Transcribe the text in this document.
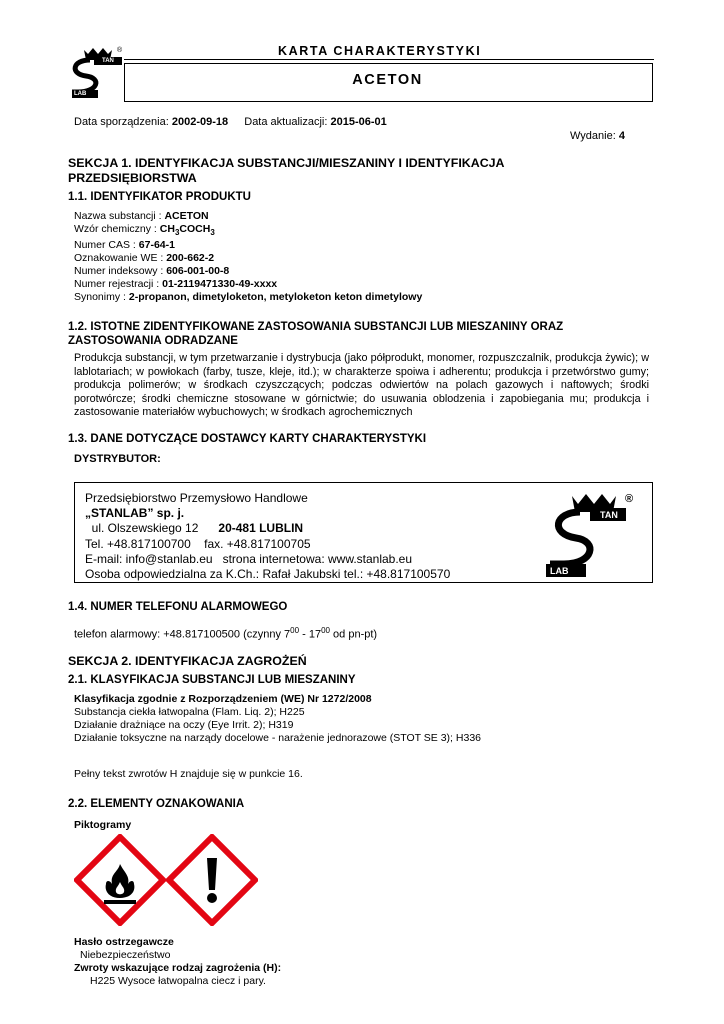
TAN
LAB
®	KARTA CHARAKTERYSTYKI
ACETON
Data sporządzenia: 2002-09-18 Data aktualizacji: 2015-06-01
Wydanie: 4
SEKCJA 1. IDENTYFIKACJA SUBSTANCJI/MIESZANINY I IDENTYFIKACJA
PRZEDSIĘBIORSTWA
1.1. IDENTYFIKATOR PRODUKTU
Nazwa substancji : ACETON
Wzór chemiczny : $CH_3COCH_3$
Numer CAS : 67-64-1
Oznakowanie WE : 200-662-2
Numer indeksowy : 606-001-00-8
Numer rejestracji : 01-2119471330-49-xxxx
Synonimy : 2-propanon, dimetyloketon, metyloketon keton dimetylowy
1.2. ISTOTNE ZIDENTYFIKOWANE ZASTOSOWANIA SUBSTANCJI LUB MIESZANINY ORAZ
ZASTOSOWANIA ODRADZANE
Produkcja substancji, w tym przetwarzanie i dystrybucja (jako półprodukt, monomer, rozpuszczalnik, produkcja żywic); w lablotariach; w powłokach (farby, tusze, kleje, itd.); w charakterze spoiwa i adherentu; produkcja i przetwórstwo gumy; produkcja polimerów; w środkach czyszczących; podczas odwiertów na polach gazowych i naftowych; środki porotwórcze; środki chemiczne stosowane w górnictwie; do usuwania oblodzenia i zapobiegania mu; produkcja i zastosowanie materiałów wybuchowych; w środkach agrochemicznych
1.3. DANE DOTYCZĄCE DOSTAWCY KARTY CHARAKTERYSTYKI
DYSTRYBUTOR:
Przedsiębiorstwo Przemysłowo Handlowe
„STANLAB” sp. j.
ul. Olszewskiego 12 20-481 LUBLIN
Tel. +48.817100700 fax. +48.817100705
E-mail: info@stanlab.eu strona internetowa: www.stanlab.eu
Osoba odpowiedzialna za K.Ch.: Rafał Jakubski tel.: +48.817100570
TAN
LAB
®
1.4. NUMER TELEFONU ALARMOWEGO
telefon alarmowy: +48.817100500 (czynny $7^{00} - 17^{00}$ od pn-pt)
SEKCJA 2. IDENTYFIKACJA ZAGROŻEŃ
2.1. KLASYFIKACJA SUBSTANCJI LUB MIESZANINY
Klasyfikacja zgodnie z Rozporządzeniem (WE) Nr 1272/2008
Substancja ciekła łatwopalna (Flam. Liq. 2); H225
Działanie drażniące na oczy (Eye Irrit. 2); H319
Działanie toksyczne na narządy docelowe - narażenie jednorazowe (STOT SE 3); H336
Pełny tekst zwrotów H znajduje się w punkcie 16.
2.2. ELEMENTY OZNAKOWANIA
Piktogramy
Hasło ostrzegawcze
Niebezpieczeństwo
Zwroty wskazujące rodzaj zagrożenia (H):
H225 Wysoce łatwopalna ciecz i pary.
